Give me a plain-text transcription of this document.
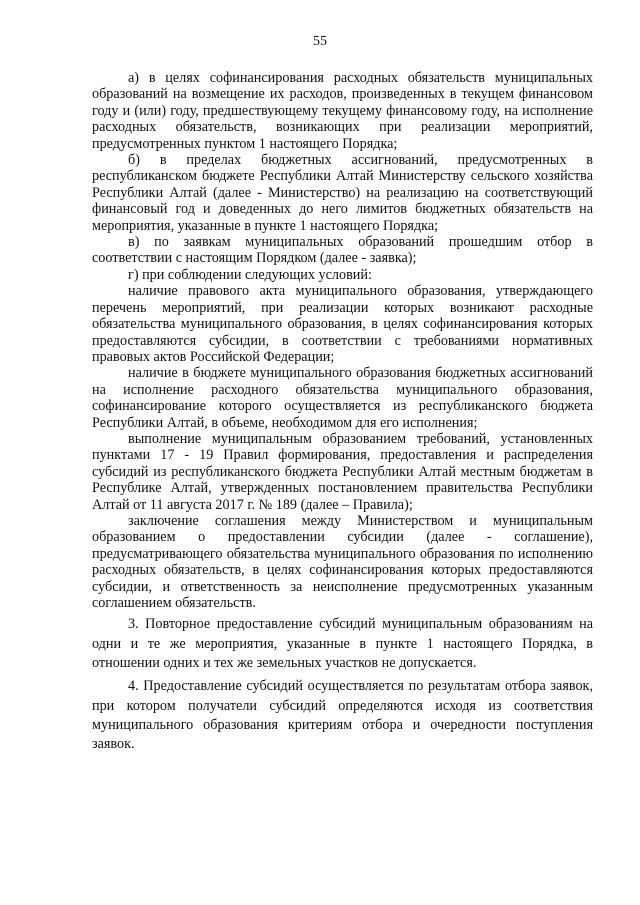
55

а) в целях софинансирования расходных обязательств муниципальных образований на возмещение их расходов, произведенных в текущем финансовом году и (или) году, предшествующему текущему финансовому году, на исполнение расходных обязательств, возникающих при реализации мероприятий, предусмотренных пунктом 1 настоящего Порядка;

б) в пределах бюджетных ассигнований, предусмотренных в республиканском бюджете Республики Алтай Министерству сельского хозяйства Республики Алтай (далее - Министерство) на реализацию на соответствующий финансовый год и доведенных до него лимитов бюджетных обязательств на мероприятия, указанные в пункте 1 настоящего Порядка;

в) по заявкам муниципальных образований прошедшим отбор в соответствии с настоящим Порядком (далее - заявка);

г) при соблюдении следующих условий:

наличие правового акта муниципального образования, утверждающего перечень мероприятий, при реализации которых возникают расходные обязательства муниципального образования, в целях софинансирования которых предоставляются субсидии, в соответствии с требованиями нормативных правовых актов Российской Федерации;

наличие в бюджете муниципального образования бюджетных ассигнований на исполнение расходного обязательства муниципального образования, софинансирование которого осуществляется из республиканского бюджета Республики Алтай, в объеме, необходимом для его исполнения;

выполнение муниципальным образованием требований, установленных пунктами 17 - 19 Правил формирования, предоставления и распределения субсидий из республиканского бюджета Республики Алтай местным бюджетам в Республике Алтай, утвержденных постановлением правительства Республики Алтай от 11 августа 2017 г. № 189 (далее – Правила);

заключение соглашения между Министерством и муниципальным образованием о предоставлении субсидии (далее - соглашение), предусматривающего обязательства муниципального образования по исполнению расходных обязательств, в целях софинансирования которых предоставляются субсидии, и ответственность за неисполнение предусмотренных указанным соглашением обязательств.

3. Повторное предоставление субсидий муниципальным образованиям на одни и те же мероприятия, указанные в пункте 1 настоящего Порядка, в отношении одних и тех же земельных участков не допускается.

4. Предоставление субсидий осуществляется по результатам отбора заявок, при котором получатели субсидий определяются исходя из соответствия муниципального образования критериям отбора и очередности поступления заявок.
